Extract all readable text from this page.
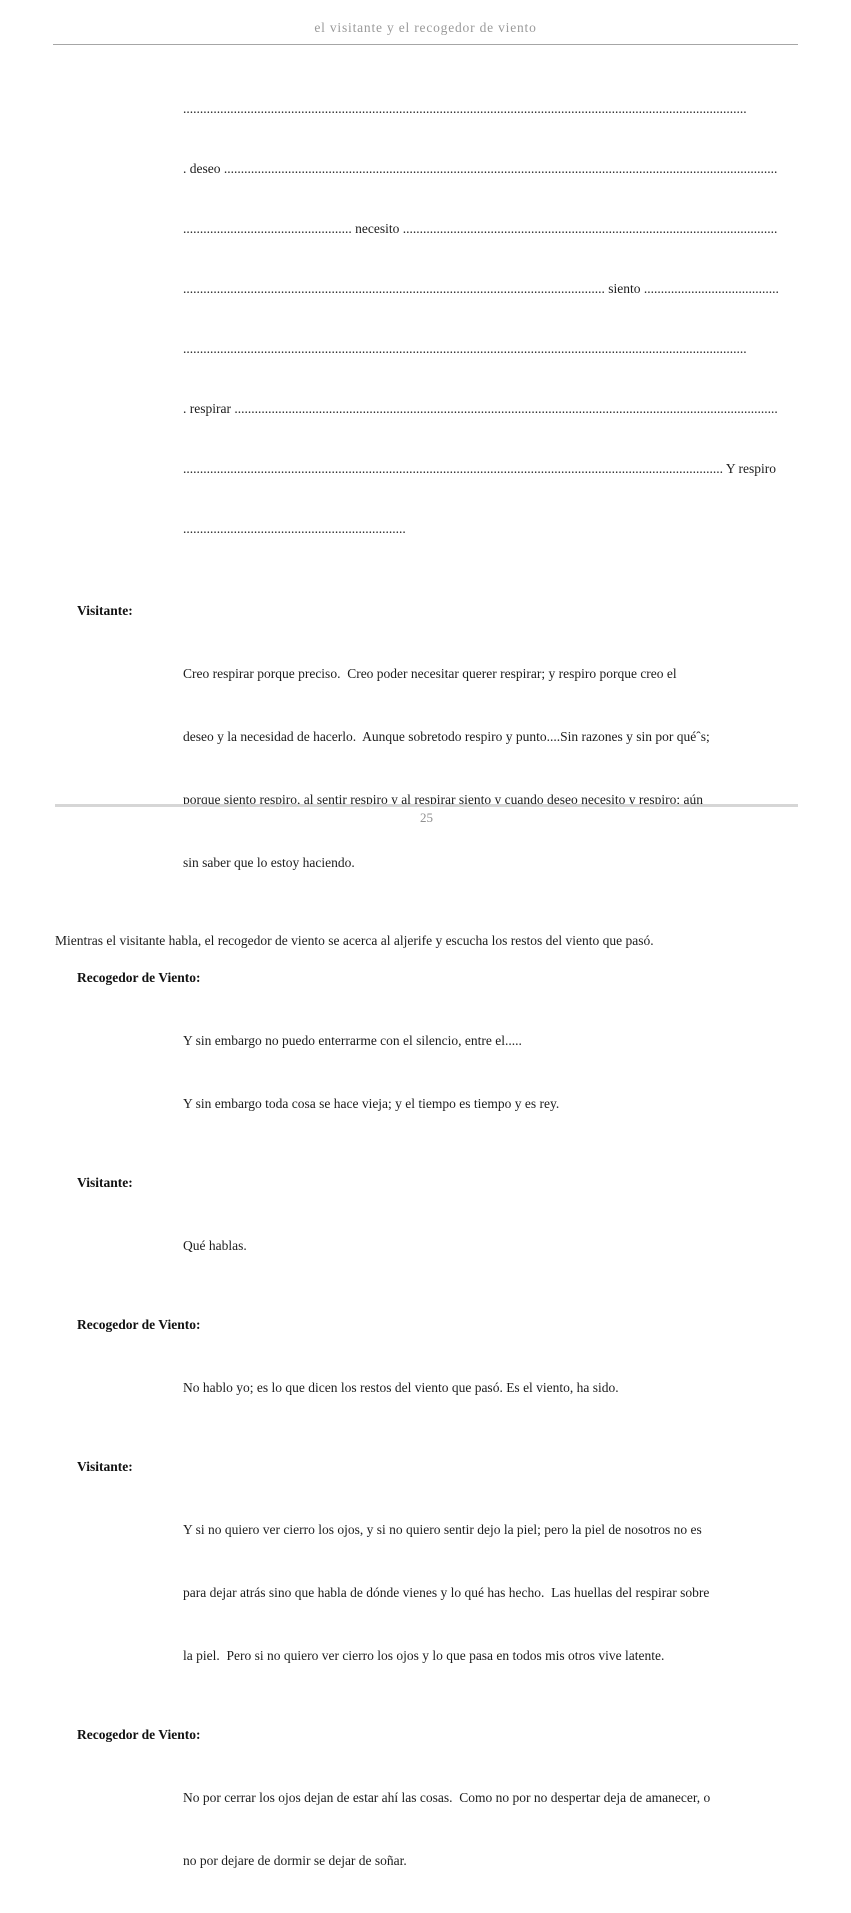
el visitante y el recogedor de viento

.......................................................................................................................................................................

. deseo ....................................................................................................................................................................

.................................................. necesito ...............................................................................................................

............................................................................................................................. siento ........................................

.......................................................................................................................................................................

. respirar .................................................................................................................................................................

................................................................................................................................................................ Y respiro

..................................................................

Visitante:

Creo respirar porque preciso.  Creo poder necesitar querer respirar; y respiro porque creo el

deseo y la necesidad de hacerlo.  Aunque sobretodo respiro y punto....Sin razones y sin por quéˆs;

porque siento respiro, al sentir respiro y al respirar siento y cuando deseo necesito y respiro; aún

sin saber que lo estoy haciendo.

Mientras el visitante habla, el recogedor de viento se acerca al aljerife y escucha los restos del viento que pasó.
Recogedor de Viento:

Y sin embargo no puedo enterrarme con el silencio, entre el.....

Y sin embargo toda cosa se hace vieja; y el tiempo es tiempo y es rey.

Visitante:

Qué hablas.

Recogedor de Viento:

No hablo yo; es lo que dicen los restos del viento que pasó. Es el viento, ha sido.

Visitante:

Y si no quiero ver cierro los ojos, y si no quiero sentir dejo la piel; pero la piel de nosotros no es

para dejar atrás sino que habla de dónde vienes y lo qué has hecho.  Las huellas del respirar sobre

la piel.  Pero si no quiero ver cierro los ojos y lo que pasa en todos mis otros vive latente.

Recogedor de Viento:

No por cerrar los ojos dejan de estar ahí las cosas.  Como no por no despertar deja de amanecer, o

no por dejare de dormir se dejar de soñar.

25
